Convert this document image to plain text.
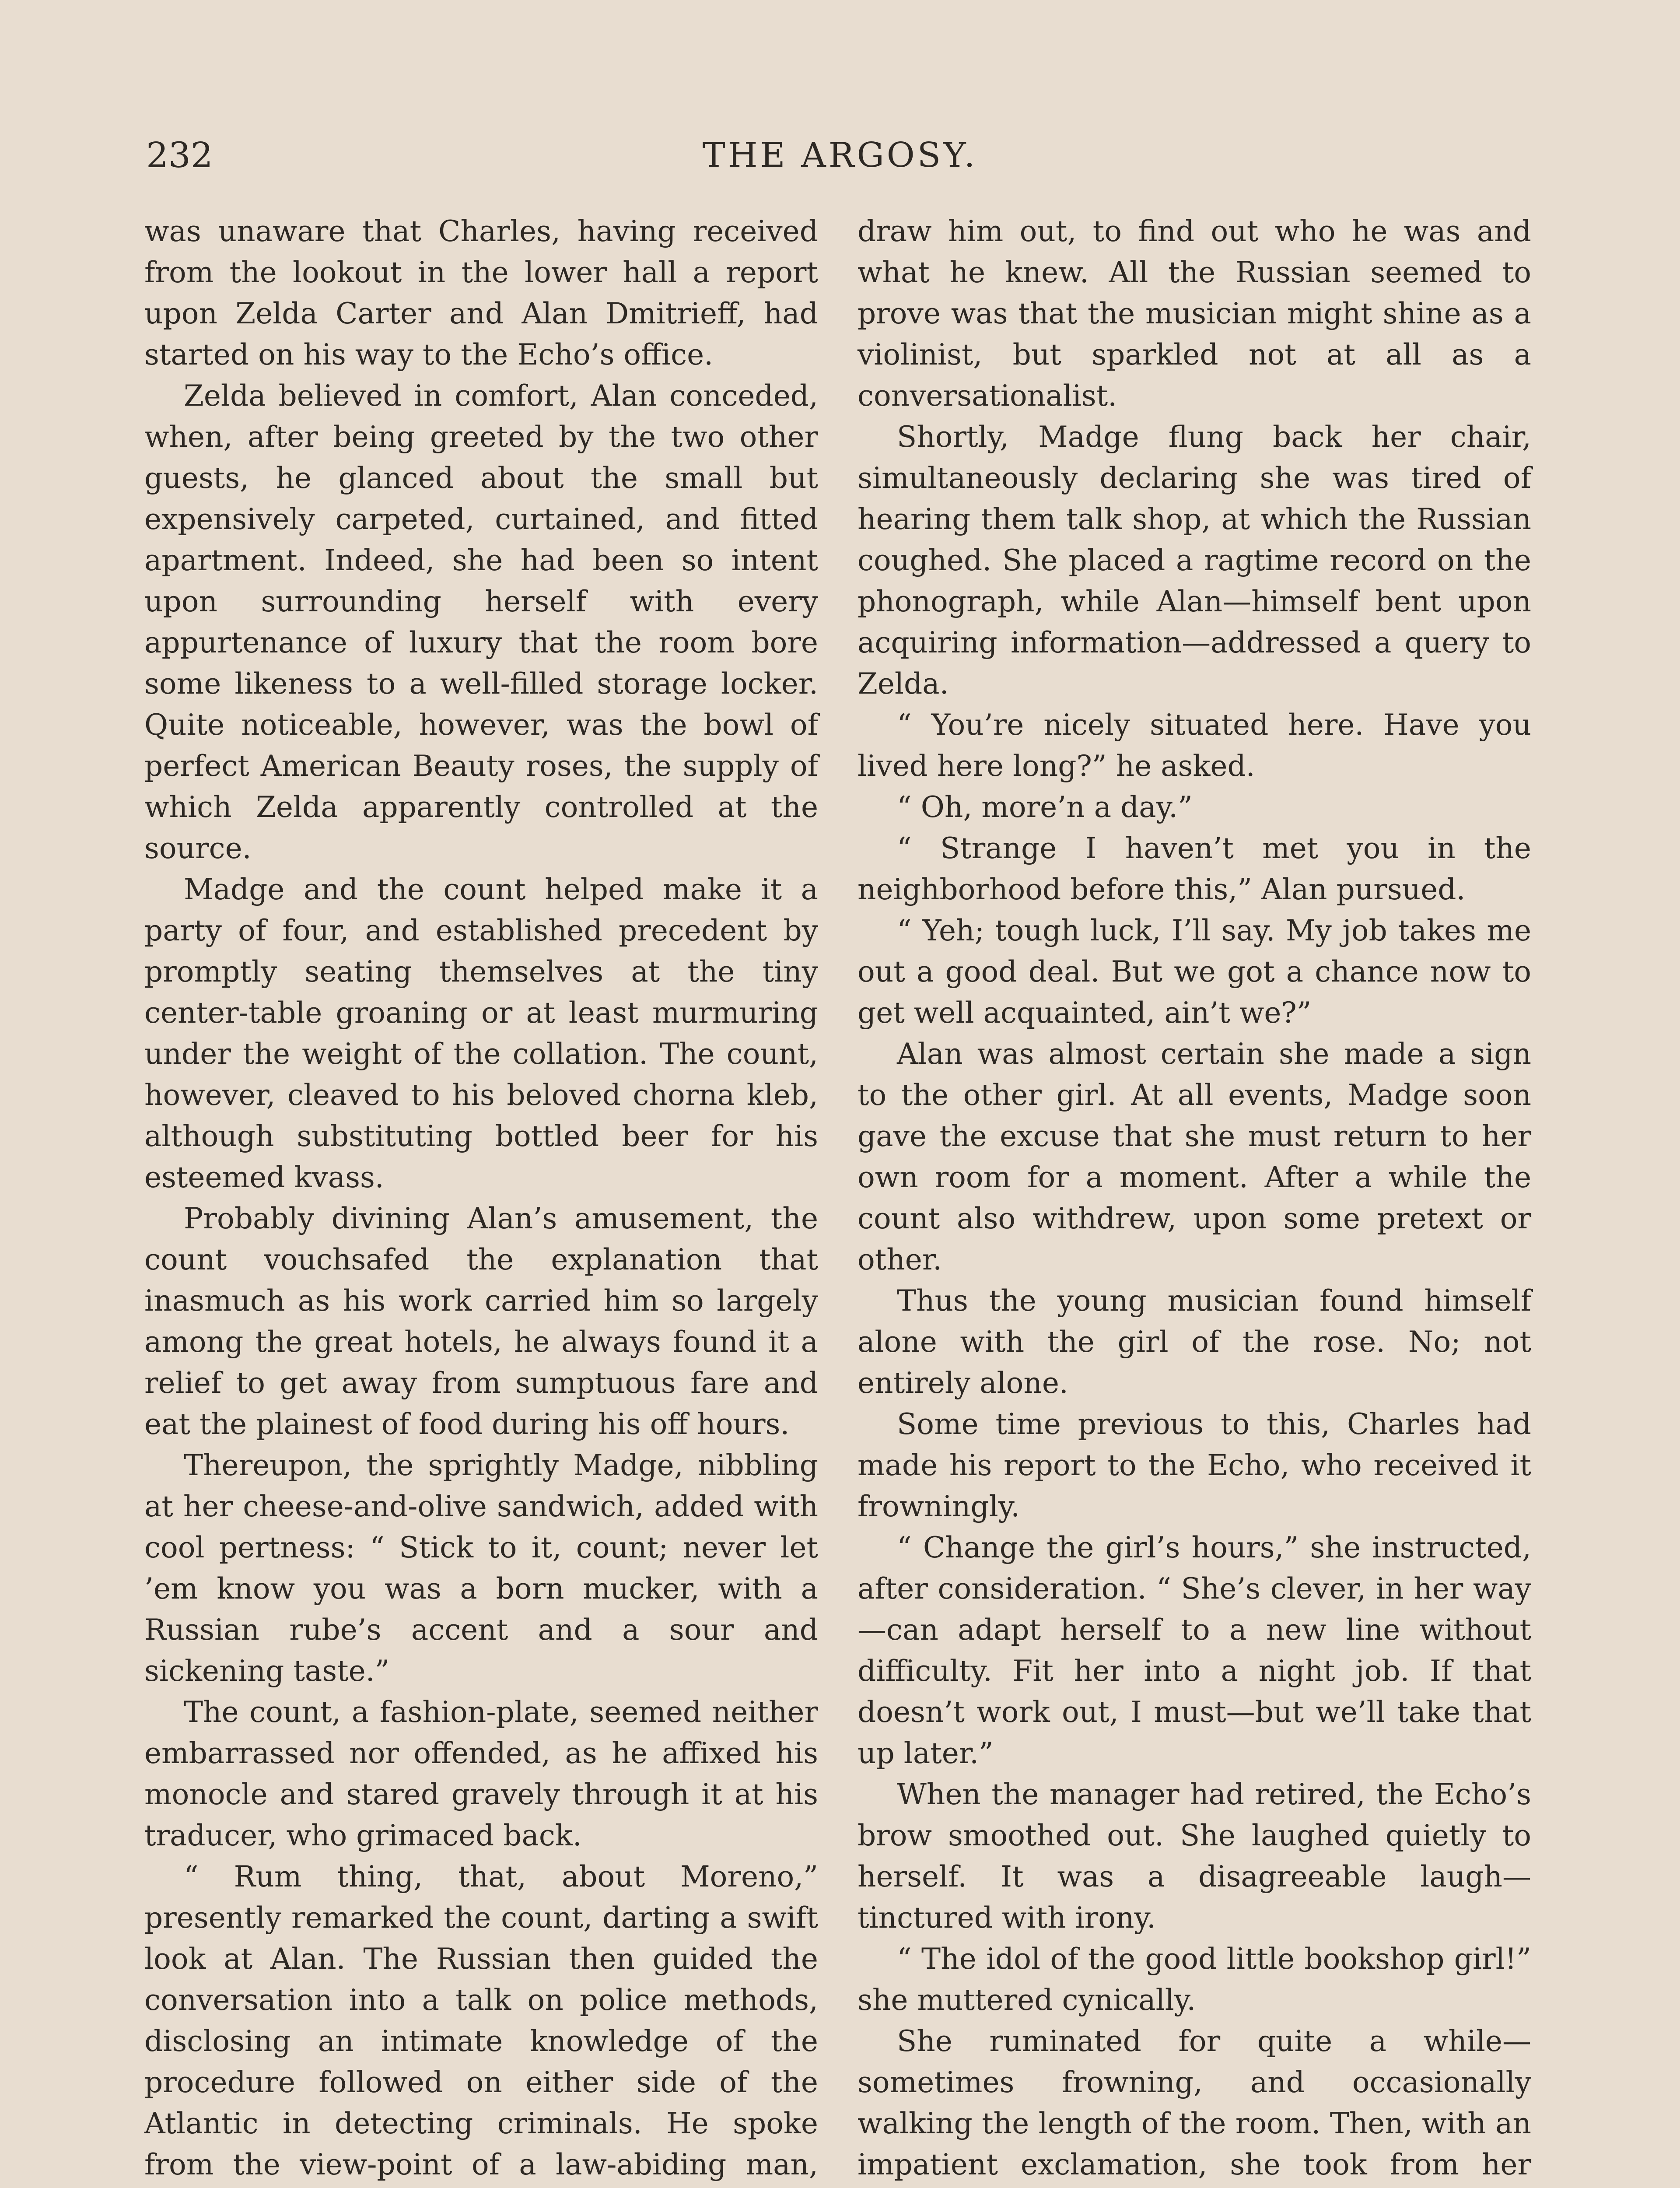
232	THE ARGOSY.

was unaware that Charles, having received from the lookout in the lower hall a report upon Zelda Carter and Alan Dmitrieff, had started on his way to the Echo’s office.

Zelda believed in comfort, Alan conceded, when, after being greeted by the two other guests, he glanced about the small but expensively carpeted, curtained, and fitted apartment. Indeed, she had been so intent upon surrounding herself with every appurtenance of luxury that the room bore some likeness to a well-filled storage locker. Quite noticeable, however, was the bowl of perfect American Beauty roses, the supply of which Zelda apparently controlled at the source.

Madge and the count helped make it a party of four, and established precedent by promptly seating themselves at the tiny center-table groaning or at least murmuring under the weight of the collation. The count, however, cleaved to his beloved chorna kleb, although substituting bottled beer for his esteemed kvass.

Probably divining Alan’s amusement, the count vouchsafed the explanation that inasmuch as his work carried him so largely among the great hotels, he always found it a relief to get away from sumptuous fare and eat the plainest of food during his off hours.

Thereupon, the sprightly Madge, nibbling at her cheese-and-olive sandwich, added with cool pertness: “ Stick to it, count; never let ’em know you was a born mucker, with a Russian rube’s accent and a sour and sickening taste.”

The count, a fashion-plate, seemed neither embarrassed nor offended, as he affixed his monocle and stared gravely through it at his traducer, who grimaced back.

“ Rum thing, that, about Moreno,” presently remarked the count, darting a swift look at Alan. The Russian then guided the conversation into a talk on police methods, disclosing an intimate knowledge of the procedure followed on either side of the Atlantic in detecting criminals. He spoke from the view-point of a law-abiding man,

draw him out, to find out who he was and what he knew. All the Russian seemed to prove was that the musician might shine as a violinist, but sparkled not at all as a conversationalist.

Shortly, Madge flung back her chair, simultaneously declaring she was tired of hearing them talk shop, at which the Russian coughed. She placed a ragtime record on the phonograph, while Alan—himself bent upon acquiring information—addressed a query to Zelda.

“ You’re nicely situated here. Have you lived here long?” he asked.

“ Oh, more’n a day.”

“ Strange I haven’t met you in the neighborhood before this,” Alan pursued.

“ Yeh; tough luck, I’ll say. My job takes me out a good deal. But we got a chance now to get well acquainted, ain’t we?”

Alan was almost certain she made a sign to the other girl. At all events, Madge soon gave the excuse that she must return to her own room for a moment. After a while the count also withdrew, upon some pretext or other.

Thus the young musician found himself alone with the girl of the rose. No; not entirely alone.

Some time previous to this, Charles had made his report to the Echo, who received it frowningly.

“ Change the girl’s hours,” she instructed, after consideration. “ She’s clever, in her way—can adapt herself to a new line without difficulty. Fit her into a night job. If that doesn’t work out, I must—but we’ll take that up later.”

When the manager had retired, the Echo’s brow smoothed out. She laughed quietly to herself. It was a disagreeable laugh—tinctured with irony.

“ The idol of the good little bookshop girl!” she muttered cynically.

She ruminated for quite a while—sometimes frowning, and occasionally walking the length of the room. Then, with an impatient exclamation, she took from her
